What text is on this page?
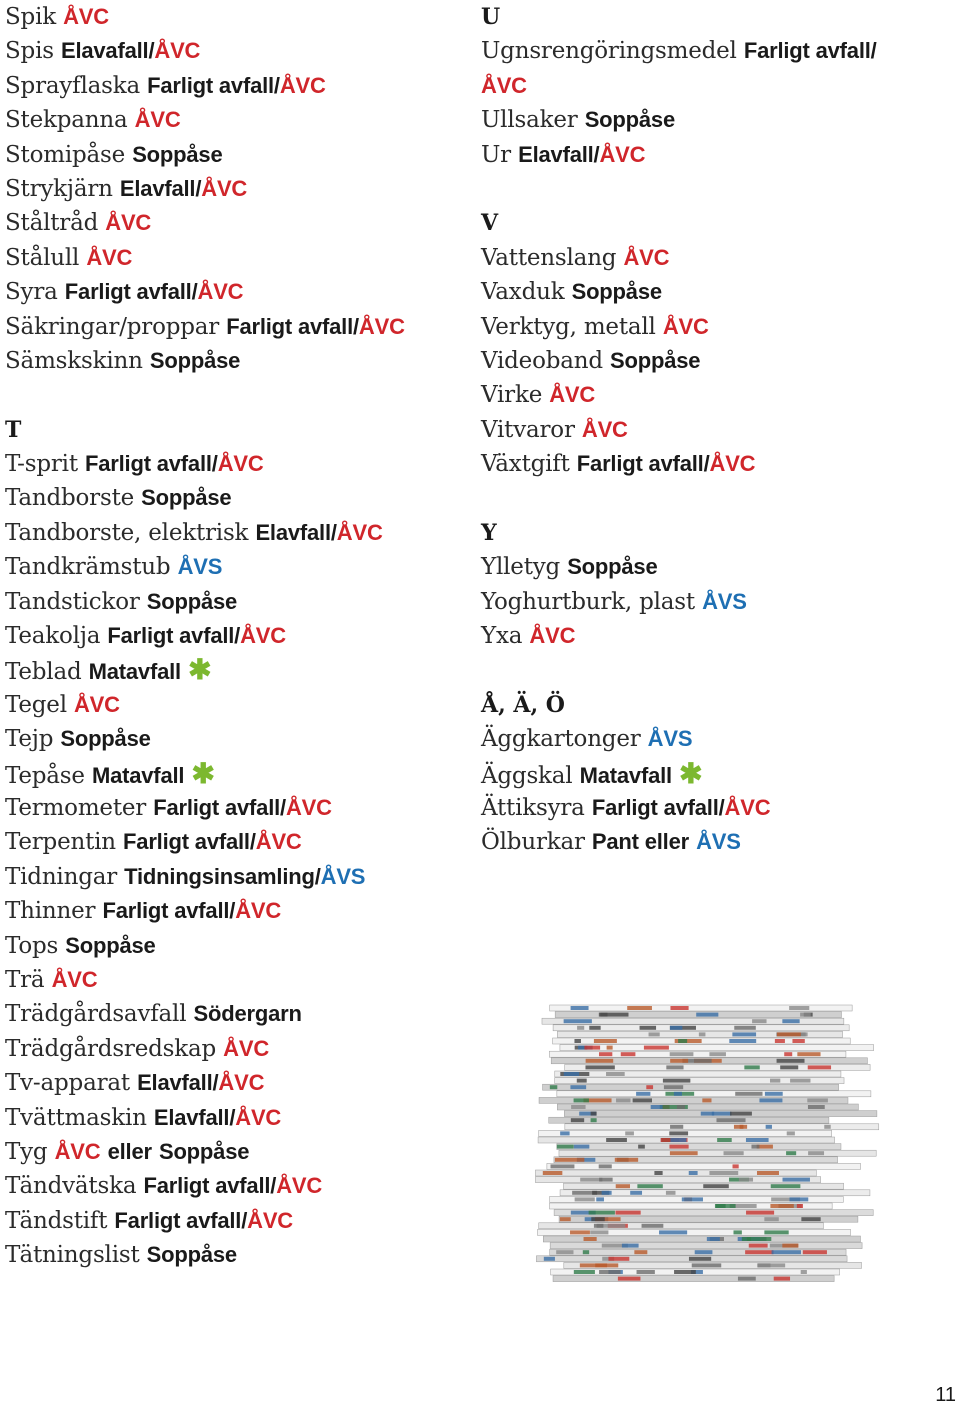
Spik ÅVC
Spis Elavafall/ÅVC
Sprayflaska Farligt avfall/ÅVC
Stekpanna ÅVC
Stomipåse Soppåse
Strykjärn Elavfall/ÅVC
Ståltråd ÅVC
Stålull ÅVC
Syra Farligt avfall/ÅVC
Säkringar/proppar Farligt avfall/ÅVC
Sämskskinn Soppåse
T
T-sprit Farligt avfall/ÅVC
Tandborste Soppåse
Tandborste, elektrisk Elavfall/ÅVC
Tandkrämstub ÅVS
Tandstickor Soppåse
Teakolja Farligt avfall/ÅVC
Teblad Matavfall ✱
Tegel ÅVC
Tejp Soppåse
Tepåse Matavfall ✱
Termometer Farligt avfall/ÅVC
Terpentin Farligt avfall/ÅVC
Tidningar Tidningsinsamling/ÅVS
Thinner Farligt avfall/ÅVC
Tops Soppåse
Trä ÅVC
Trädgårdsavfall Södergarn
Trädgårdsredskap ÅVC
Tv-apparat Elavfall/ÅVC
Tvättmaskin Elavfall/ÅVC
Tyg ÅVC eller Soppåse
Tändvätska Farligt avfall/ÅVC
Tändstift Farligt avfall/ÅVC
Tätningslist Soppåse
U
Ugnsrengöringsmedel Farligt avfall/
ÅVC
Ullsaker Soppåse
Ur Elavfall/ÅVC
V
Vattenslang ÅVC
Vaxduk Soppåse
Verktyg, metall ÅVC
Videoband Soppåse
Virke ÅVC
Vitvaror ÅVC
Växtgift Farligt avfall/ÅVC
Y
Ylletyg Soppåse
Yoghurtburk, plast ÅVS
Yxa ÅVC
Å, Ä, Ö
Äggkartonger ÅVS
Äggskal Matavfall ✱
Ättiksyra Farligt avfall/ÅVC
Ölburkar Pant eller ÅVS
11
